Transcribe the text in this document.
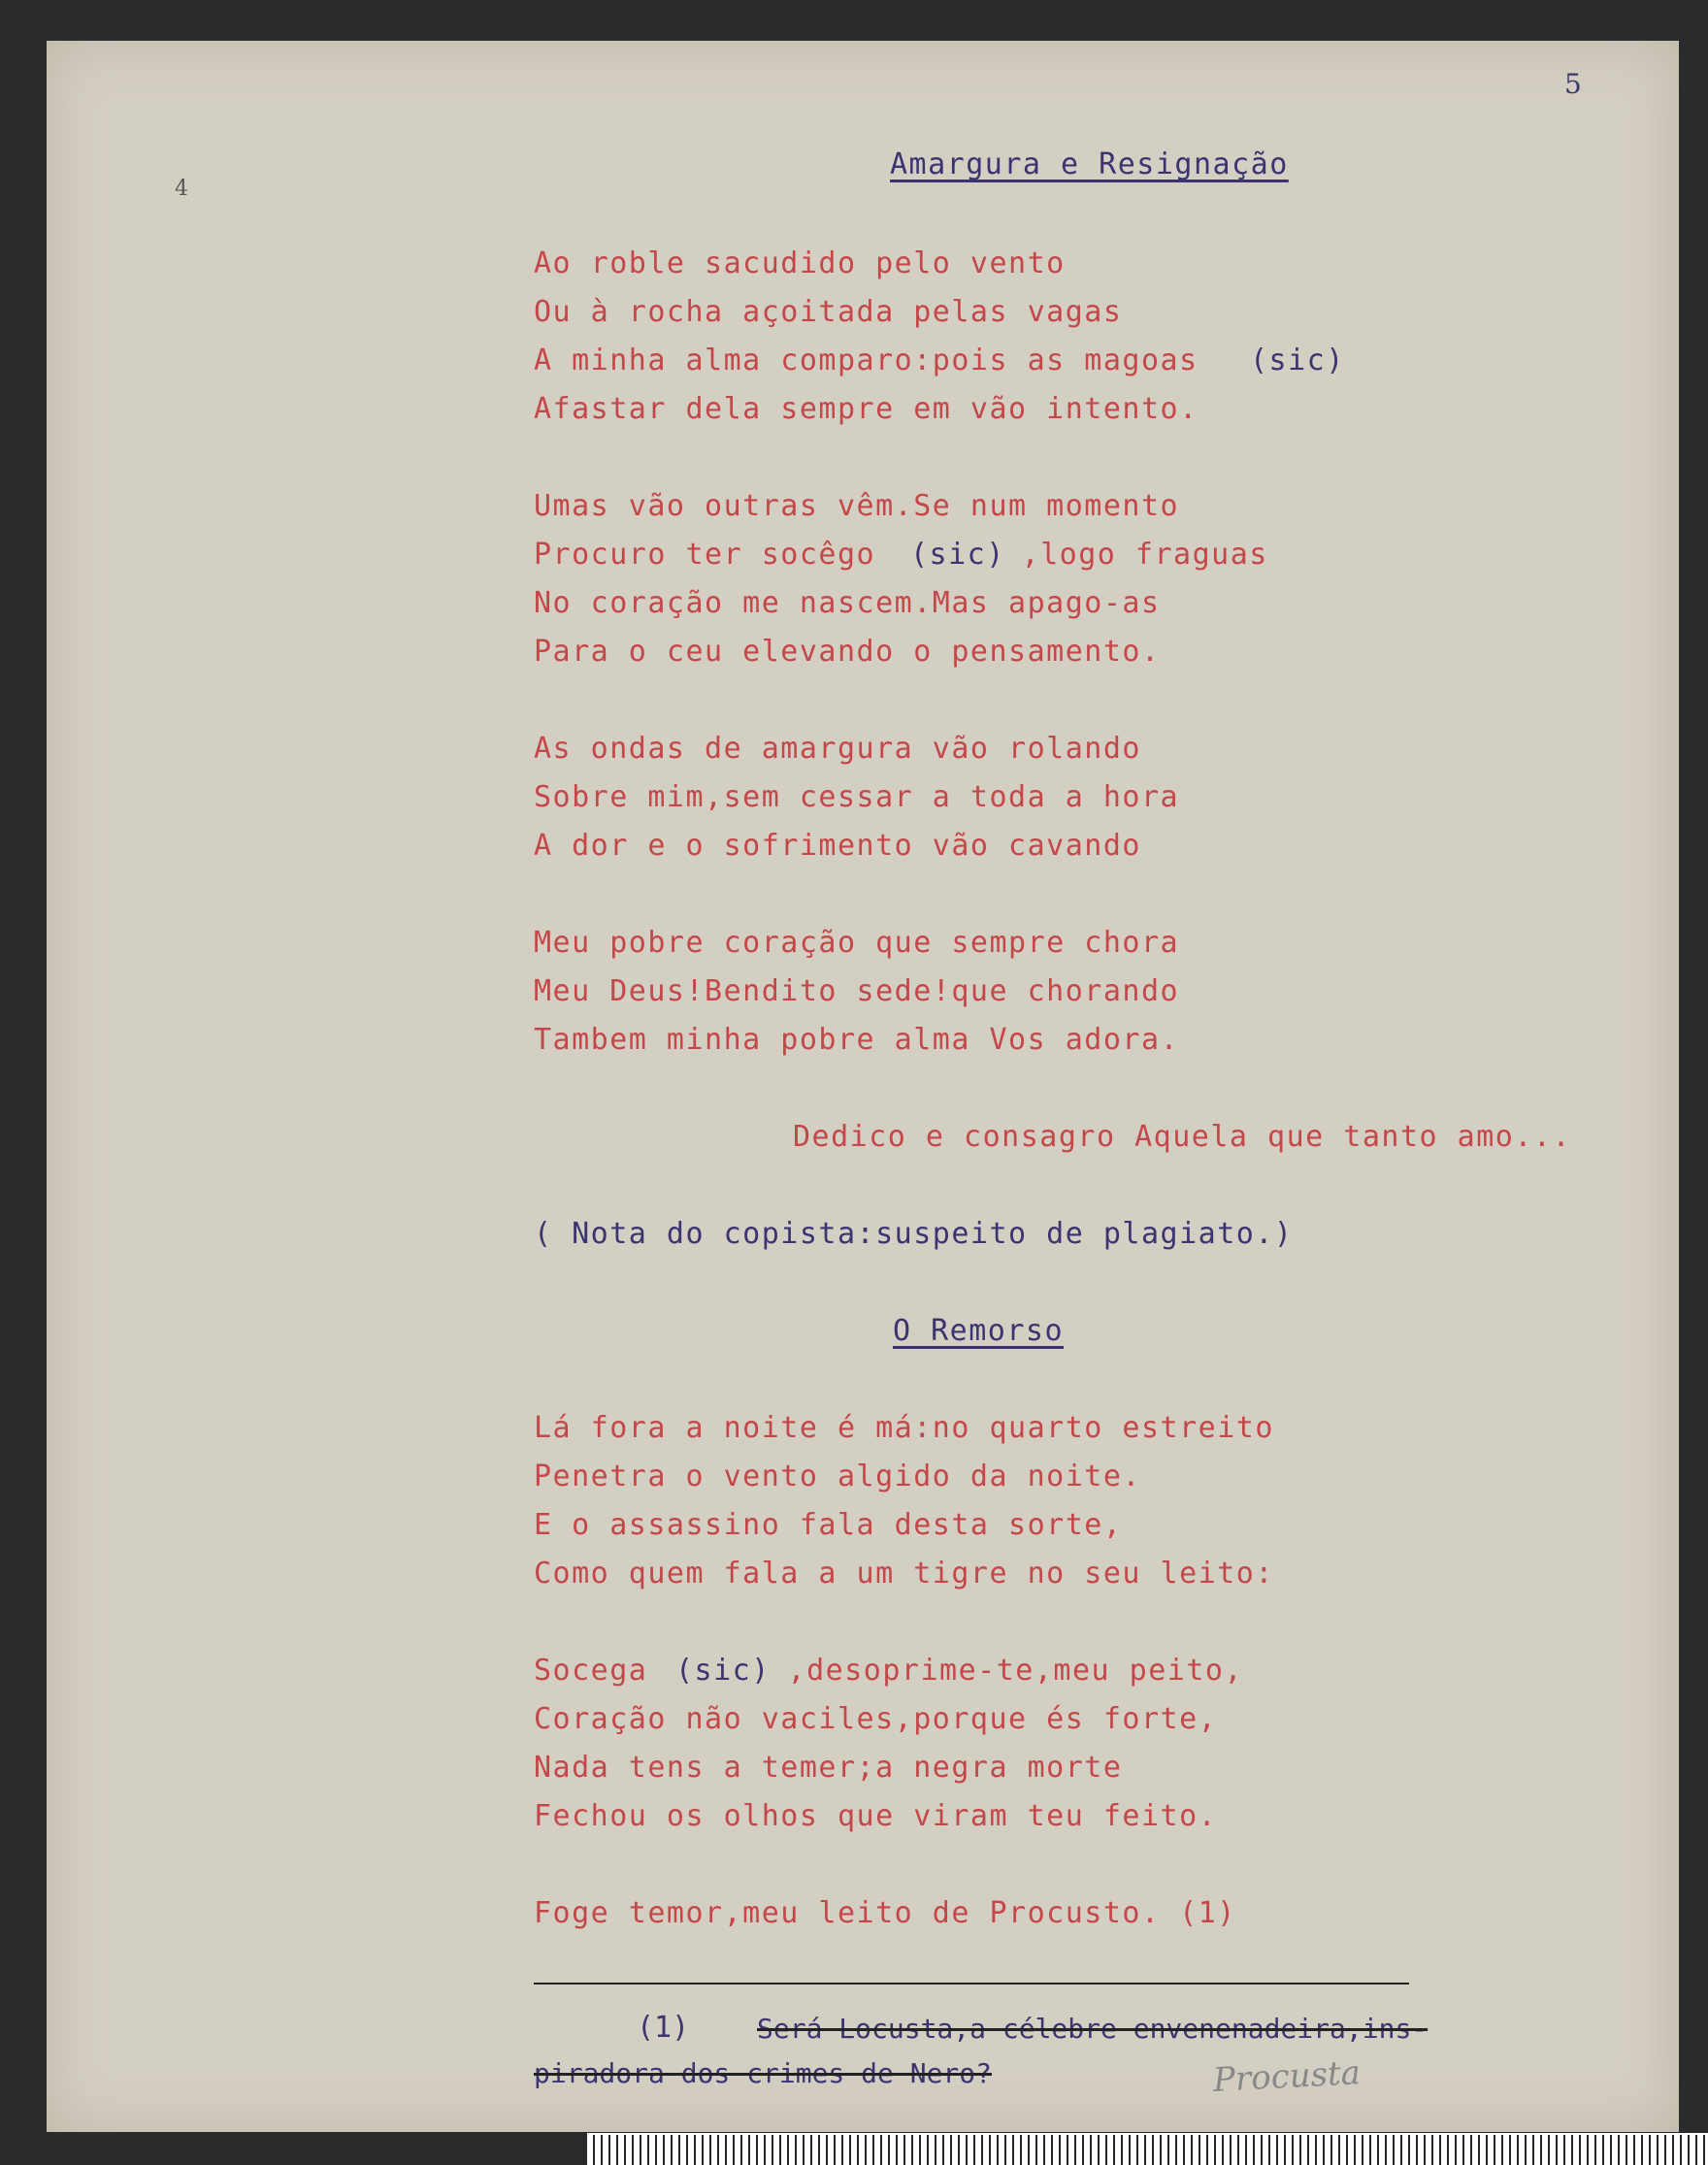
5
4
Amargura e Resignação
Ao roble sacudido pelo vento
Ou à rocha açoitada pelas vagas
A minha alma comparo:pois as magoas (sic)
Afastar dela sempre em vão intento.
Umas vão outras vêm.Se num momento
Procuro ter socêgo (sic)
,logo fraguas
No coração me nascem.Mas apago-as
Para o ceu elevando o pensamento.
As ondas de amargura vão rolando
Sobre mim,sem cessar a toda a hora
A dor e o sofrimento vão cavando
Meu pobre coração que sempre chora
Meu Deus!Bendito sede!que chorando
Tambem minha pobre alma Vos adora.
Dedico e consagro Aquela que tanto amo...
( Nota do copista:suspeito de plagiato.)
O Remorso
Lá fora a noite é má:no quarto estreito
Penetra o vento algido da noite.
E o assassino fala desta sorte,
Como quem fala a um tigre no seu leito:
Socega (sic)
,desoprime-te,meu peito,
Coração não vaciles,porque és forte,
Nada tens a temer;a negra morte
Fechou os olhos que viram teu feito.
Foge temor,meu leito de Procusto. (1)
(1) Será Locusta,a célebre envenenadeira,ins-
piradora dos crimes de Nero?	Procusta
